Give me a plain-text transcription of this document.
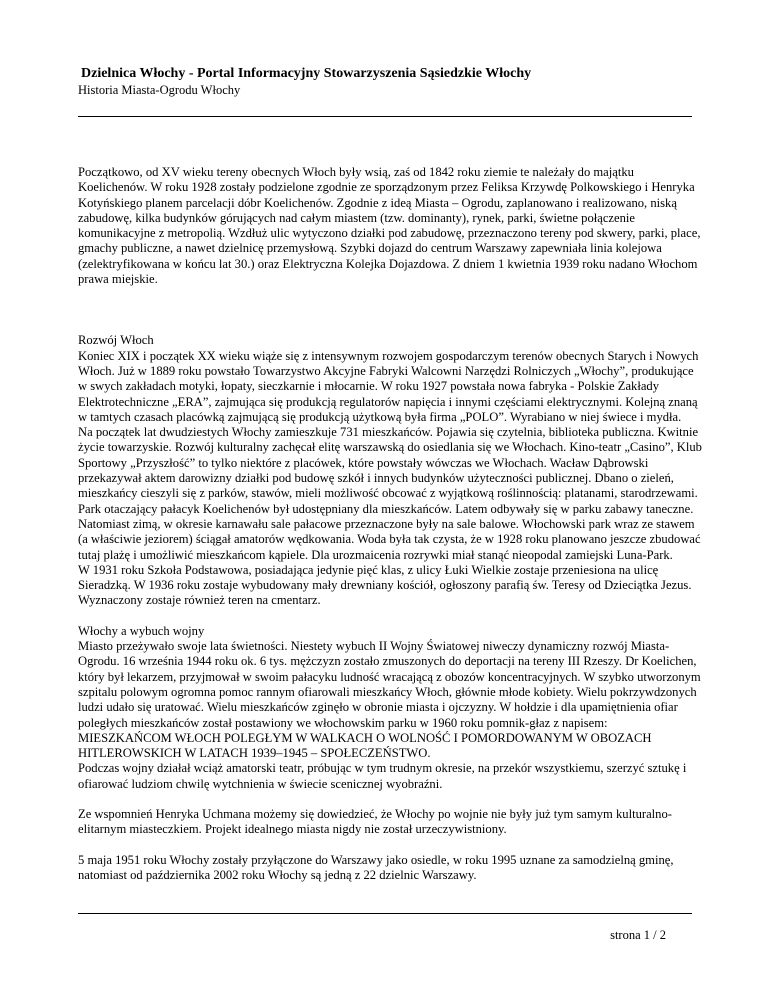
Dzielnica Włochy - Portal Informacyjny Stowarzyszenia Sąsiedzkie Włochy

Historia Miasta-Ogrodu Włochy

Początkowo, od XV wieku tereny obecnych Włoch były wsią, zaś od 1842 roku ziemie te należały do majątku Koelichenów. W roku 1928 zostały podzielone zgodnie ze sporządzonym przez Feliksa Krzywdę Polkowskiego i Henryka Kotyńskiego planem parcelacji dóbr Koelichenów. Zgodnie z ideą Miasta – Ogrodu, zaplanowano i realizowano, niską zabudowę, kilka budynków górujących nad całym miastem (tzw. dominanty), rynek, parki, świetne połączenie komunikacyjne z metropolią. Wzdłuż ulic wytyczono działki pod zabudowę, przeznaczono tereny pod skwery, parki, place, gmachy publiczne, a nawet dzielnicę przemysłową. Szybki dojazd do centrum Warszawy zapewniała linia kolejowa (zelektryfikowana w końcu lat 30.) oraz Elektryczna Kolejka Dojazdowa. Z dniem 1 kwietnia 1939 roku nadano Włochom prawa miejskie.

Rozwój Włoch

Koniec XIX i początek XX wieku wiąże się z intensywnym rozwojem gospodarczym terenów obecnych Starych i Nowych Włoch. Już w 1889 roku powstało Towarzystwo Akcyjne Fabryki Walcowni Narzędzi Rolniczych „Włochy”, produkujące w swych zakładach motyki, łopaty, sieczkarnie i młocarnie. W roku 1927 powstała nowa fabryka - Polskie Zakłady Elektrotechniczne „ERA”, zajmująca się produkcją regulatorów napięcia i innymi częściami elektrycznymi. Kolejną znaną w tamtych czasach placówką zajmującą się produkcją użytkową była firma „POLO”. Wyrabiano w niej świece i mydła.

Na początek lat dwudziestych Włochy zamieszkuje 731 mieszkańców. Pojawia się czytelnia, biblioteka publiczna. Kwitnie życie towarzyskie. Rozwój kulturalny zachęcał elitę warszawską do osiedlania się we Włochach. Kino-teatr „Casino”, Klub Sportowy „Przyszłość” to tylko niektóre z placówek, które powstały wówczas we Włochach. Wacław Dąbrowski przekazywał aktem darowizny działki pod budowę szkół i innych budynków użyteczności publicznej. Dbano o zieleń, mieszkańcy cieszyli się z parków, stawów, mieli możliwość obcować z wyjątkową roślinnością: platanami, starodrzewami. Park otaczający pałacyk Koelichenów był udostępniany dla mieszkańców. Latem odbywały się w parku zabawy taneczne. Natomiast zimą, w okresie karnawału sale pałacowe przeznaczone były na sale balowe. Włochowski park wraz ze stawem (a właściwie jeziorem) ściągał amatorów wędkowania. Woda była tak czysta, że w 1928 roku planowano jeszcze zbudować tutaj plażę i umożliwić mieszkańcom kąpiele. Dla urozmaicenia rozrywki miał stanąć nieopodal zamiejski Luna-Park.

W 1931 roku Szkoła Podstawowa, posiadająca jedynie pięć klas, z ulicy Łuki Wielkie zostaje przeniesiona na ulicę Sieradzką. W 1936 roku zostaje wybudowany mały drewniany kościół, ogłoszony parafią św. Teresy od Dzieciątka Jezus. Wyznaczony zostaje również teren na cmentarz.

Włochy a wybuch wojny

Miasto przeżywało swoje lata świetności. Niestety wybuch II Wojny Światowej niweczy dynamiczny rozwój Miasta-Ogrodu. 16 września 1944 roku ok. 6 tys. mężczyzn zostało zmuszonych do deportacji na tereny III Rzeszy. Dr Koelichen, który był lekarzem, przyjmował w swoim pałacyku ludność wracającą z obozów koncentracyjnych. W szybko utworzonym szpitalu polowym ogromna pomoc rannym ofiarowali mieszkańcy Włoch, głównie młode kobiety. Wielu pokrzywdzonych ludzi udało się uratować. Wielu mieszkańców zginęło w obronie miasta i ojczyzny. W hołdzie i dla upamiętnienia ofiar poległych mieszkańców został postawiony we włochowskim parku w 1960 roku pomnik-głaz z napisem: MIESZKAŃCOM WŁOCH POLEGŁYM W WALKACH O WOLNOŚĆ I POMORDOWANYM W OBOZACH HITLEROWSKICH W LATACH 1939–1945 – SPOŁECZEŃSTWO.

Podczas wojny działał wciąż amatorski teatr, próbując w tym trudnym okresie, na przekór wszystkiemu, szerzyć sztukę i ofiarować ludziom chwilę wytchnienia w świecie scenicznej wyobraźni.

Ze wspomnień Henryka Uchmana możemy się dowiedzieć, że Włochy po wojnie nie były już tym samym kulturalno-elitarnym miasteczkiem. Projekt idealnego miasta nigdy nie został urzeczywistniony.

5 maja 1951 roku Włochy zostały przyłączone do Warszawy jako osiedle, w roku 1995 uznane za samodzielną gminę, natomiast od października 2002 roku Włochy są jedną z 22 dzielnic Warszawy.

strona 1 / 2
